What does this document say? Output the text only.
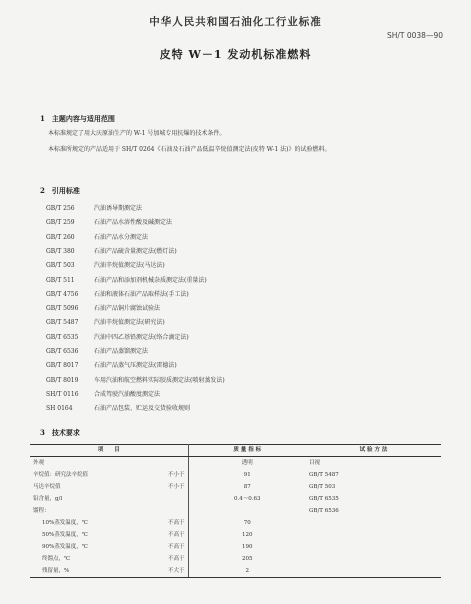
中华人民共和国石油化工行业标准
SH/T 0038—90
皮特 W－1 发动机标准燃料
1　主题内容与适用范围
本标准规定了用大庆原油生产的 W-1 号加城专用抗爆的技术条件。
本标准所规定的产品适用于 SH/T 0264《石油及石油产品低温辛烷值测定法(皮特 W-1 法)》的试验燃料。
2　引用标准
GB/T 256	汽油诱导期测定法
GB/T 259	石油产品水溶性酸及碱测定法
GB/T 260	石油产品水分测定法
GB/T 380	石油产品硫含量测定法(燃灯法)
GB/T 503	汽油辛烷值测定法(马达法)
GB/T 511	石油产品和添加剂机械杂质测定法(重量法)
GB/T 4756	石油和液体石油产品取样法(手工法)
GB/T 5096	石油产品铜片腐蚀试验法
GB/T 5487	汽油辛烷值测定法(研究法)
GB/T 6535	汽油中四乙基铅测定法(络合滴定法)
GB/T 6536	石油产品蒸馏测定法
GB/T 8017	石油产品蒸气压测定法(雷德法)
GB/T 8019	车用汽油和航空燃料实际胶质测定法(喷射蒸发法)
SH/T 0116	合成驾驶汽油酸度测定法
SH 0164	石油产品包装、贮运及交货验收规则
3　技术要求
项　　目		质 量 指 标	试 验 方 法
外观		透明	目视
辛烷值：研究法辛烷值	不小于	91	GB/T 5487
马达辛烷值	不小于	87	GB/T 503
铅含量，g/l		0.4～0.63	GB/T 6535
馏程：			GB/T 6536
10%蒸发温度，℃	不高于	70	
50%蒸发温度，℃	不高于	120	
90%蒸发温度，℃	不高于	190	
终馏点，℃	不高于	205	
残留量，%	不大于	2	
